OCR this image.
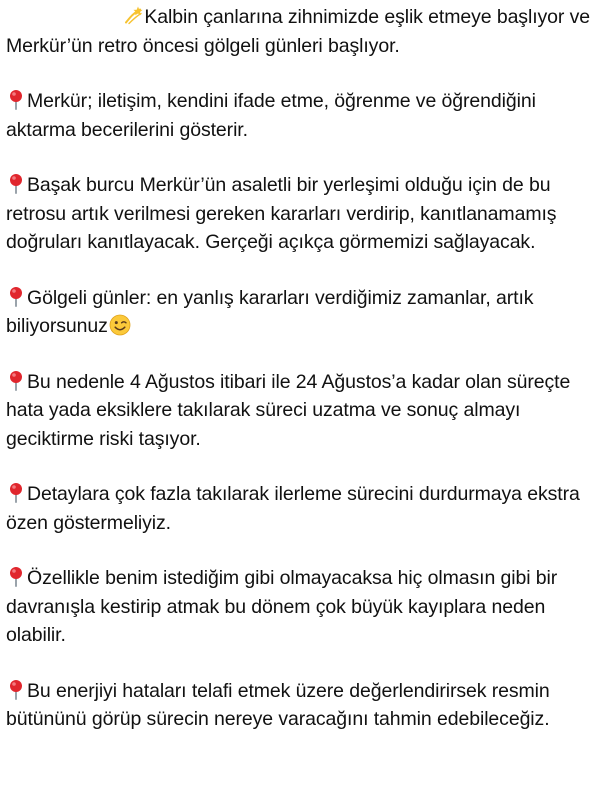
Kalbin çanlarına zihnimizde eşlik etmeye başlıyor ve Merkür’ün retro öncesi gölgeli günleri başlıyor.

Merkür; iletişim, kendini ifade etme, öğrenme ve öğrendiğini aktarma becerilerini gösterir.

Başak burcu Merkür’ün asaletli bir yerleşimi olduğu için de bu retrosu artık verilmesi gereken kararları verdirip, kanıtlanamamış doğruları kanıtlayacak. Gerçeği açıkça görmemizi sağlayacak.

Gölgeli günler: en yanlış kararları verdiğimiz zamanlar, artık biliyorsunuz

Bu nedenle 4 Ağustos itibari ile 24 Ağustos’a kadar olan süreçte hata yada eksiklere takılarak süreci uzatma ve sonuç almayı geciktirme riski taşıyor.

Detaylara çok fazla takılarak ilerleme sürecini durdurmaya ekstra özen göstermeliyiz.

Özellikle benim istediğim gibi olmayacaksa hiç olmasın gibi bir davranışla kestirip atmak bu dönem çok büyük kayıplara neden olabilir.

Bu enerjiyi hataları telafi etmek üzere değerlendirirsek resmin bütününü görüp sürecin nereye varacağını tahmin edebileceğiz.
